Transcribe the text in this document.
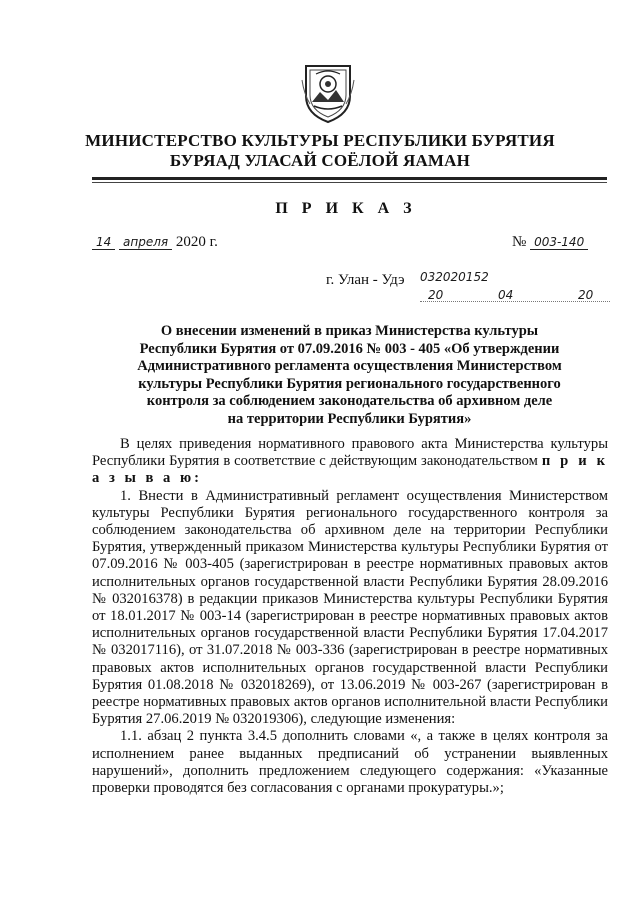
МИНИСТЕРСТВО КУЛЬТУРЫ РЕСПУБЛИКИ БУРЯТИЯ
БУРЯАД УЛАСАЙ СОЁЛОЙ ЯАМАН
П Р И К А З
14 апреля 2020 г.	№ 003-140
г. Улан - Удэ 032020152
20	04	20
О внесении изменений в приказ Министерства культуры
Республики Бурятия от 07.09.2016 № 003 - 405 «Об утверждении
Административного регламента осуществления Министерством
культуры Республики Бурятия регионального государственного
контроля за соблюдением законодательства об архивном деле
на территории Республики Бурятия»

В целях приведения нормативного правового акта Министерства культуры Республики Бурятия в соответствие с действующим законодательством п р и к а з ы в а ю:

1. Внести в Административный регламент осуществления Министерством культуры Республики Бурятия регионального государственного контроля за соблюдением законодательства об архивном деле на территории Республики Бурятия, утвержденный приказом Министерства культуры Республики Бурятия от 07.09.2016 № 003-405 (зарегистрирован в реестре нормативных правовых актов исполнительных органов государственной власти Республики Бурятия 28.09.2016 № 032016378) в редакции приказов Министерства культуры Республики Бурятия от 18.01.2017 № 003-14 (зарегистрирован в реестре нормативных правовых актов исполнительных органов государственной власти Республики Бурятия 17.04.2017 № 032017116), от 31.07.2018 № 003-336 (зарегистрирован в реестре нормативных правовых актов исполнительных органов государственной власти Республики Бурятия 01.08.2018 № 032018269), от 13.06.2019 № 003-267 (зарегистрирован в реестре нормативных правовых актов органов исполнительной власти Республики Бурятия 27.06.2019 № 032019306), следующие изменения:

1.1. абзац 2 пункта 3.4.5 дополнить словами «, а также в целях контроля за исполнением ранее выданных предписаний об устранении выявленных нарушений», дополнить предложением следующего содержания: «Указанные проверки проводятся без согласования с органами прокуратуры.»;
